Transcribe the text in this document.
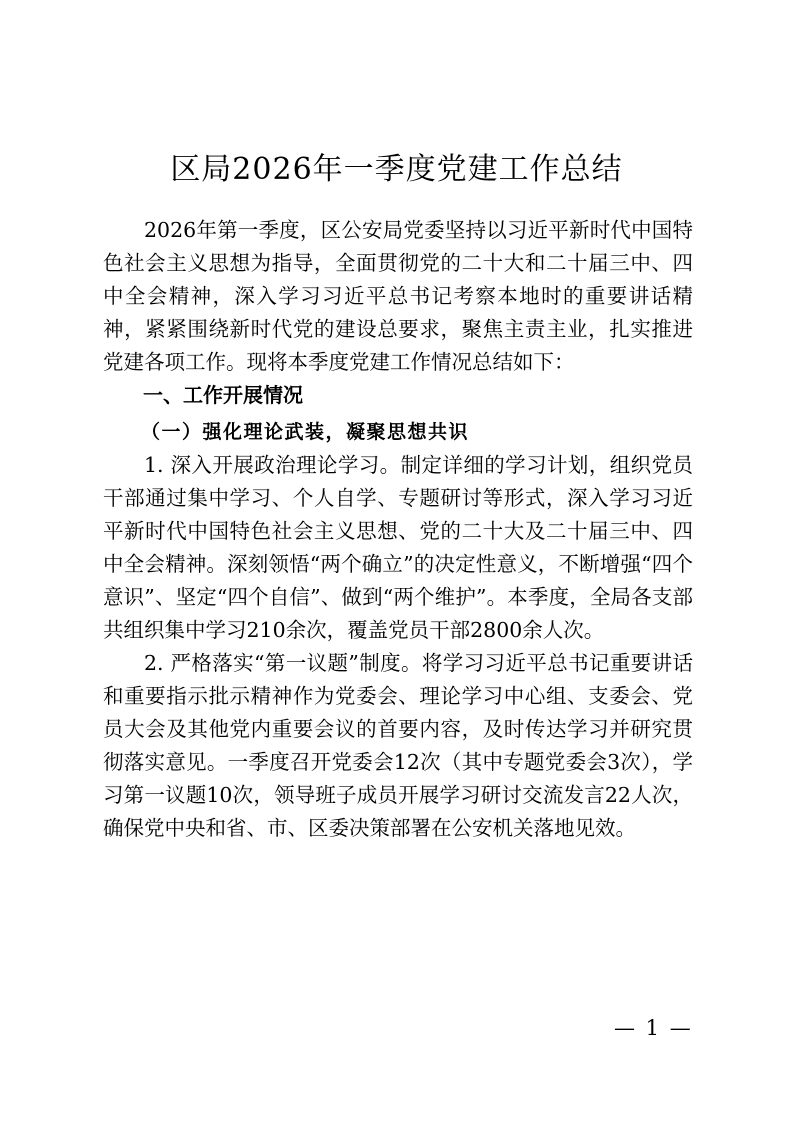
区局2026年一季度党建工作总结

2026年第一季度，区公安局党委坚持以习近平新时代中国特色社会主义思想为指导，全面贯彻党的二十大和二十届三中、四中全会精神，深入学习习近平总书记考察本地时的重要讲话精神，紧紧围绕新时代党的建设总要求，聚焦主责主业，扎实推进党建各项工作。现将本季度党建工作情况总结如下：

一、工作开展情况

（一）强化理论武装，凝聚思想共识

1. 深入开展政治理论学习。制定详细的学习计划，组织党员干部通过集中学习、个人自学、专题研讨等形式，深入学习习近平新时代中国特色社会主义思想、党的二十大及二十届三中、四中全会精神。深刻领悟“两个确立”的决定性意义，不断增强“四个意识”、坚定“四个自信”、做到“两个维护”。本季度，全局各支部共组织集中学习210余次，覆盖党员干部2800余人次。

2. 严格落实“第一议题”制度。将学习习近平总书记重要讲话和重要指示批示精神作为党委会、理论学习中心组、支委会、党员大会及其他党内重要会议的首要内容，及时传达学习并研究贯彻落实意见。一季度召开党委会12次（其中专题党委会3次），学习第一议题10次，领导班子成员开展学习研讨交流发言22人次，确保党中央和省、市、区委决策部署在公安机关落地见效。

— 1 —
